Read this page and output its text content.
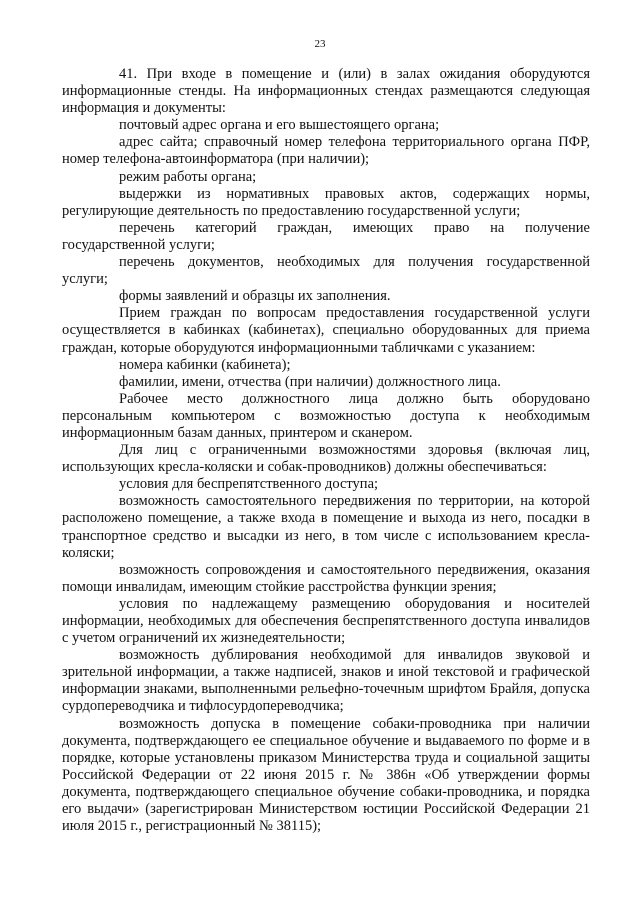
23

41. При входе в помещение и (или) в залах ожидания оборудуются информационные стенды. На информационных стендах размещаются следующая информация и документы:

почтовый адрес органа и его вышестоящего органа;

адрес сайта; справочный номер телефона территориального органа ПФР, номер телефона-автоинформатора (при наличии);

режим работы органа;

выдержки из нормативных правовых актов, содержащих нормы, регулирующие деятельность по предоставлению государственной услуги;

перечень категорий граждан, имеющих право на получение государственной услуги;

перечень документов, необходимых для получения государственной услуги;

формы заявлений и образцы их заполнения.

Прием граждан по вопросам предоставления государственной услуги осуществляется в кабинках (кабинетах), специально оборудованных для приема граждан, которые оборудуются информационными табличками с указанием:

номера кабинки (кабинета);

фамилии, имени, отчества (при наличии) должностного лица.

Рабочее место должностного лица должно быть оборудовано персональным компьютером с возможностью доступа к необходимым информационным базам данных, принтером и сканером.

Для лиц с ограниченными возможностями здоровья (включая лиц, использующих кресла-коляски и собак-проводников) должны обеспечиваться:

условия для беспрепятственного доступа;

возможность самостоятельного передвижения по территории, на которой расположено помещение, а также входа в помещение и выхода из него, посадки в транспортное средство и высадки из него, в том числе с использованием кресла-коляски;

возможность сопровождения и самостоятельного передвижения, оказания помощи инвалидам, имеющим стойкие расстройства функции зрения;

условия по надлежащему размещению оборудования и носителей информации, необходимых для обеспечения беспрепятственного доступа инвалидов с учетом ограничений их жизнедеятельности;

возможность дублирования необходимой для инвалидов звуковой и зрительной информации, а также надписей, знаков и иной текстовой и графической информации знаками, выполненными рельефно-точечным шрифтом Брайля, допуска сурдопереводчика и тифлосурдопереводчика;

возможность допуска в помещение собаки-проводника при наличии документа, подтверждающего ее специальное обучение и выдаваемого по форме и в порядке, которые установлены приказом Министерства труда и социальной защиты Российской Федерации от 22 июня 2015 г. № 386н «Об утверждении формы документа, подтверждающего специальное обучение собаки-проводника, и порядка его выдачи» (зарегистрирован Министерством юстиции Российской Федерации 21 июля 2015 г., регистрационный № 38115);
